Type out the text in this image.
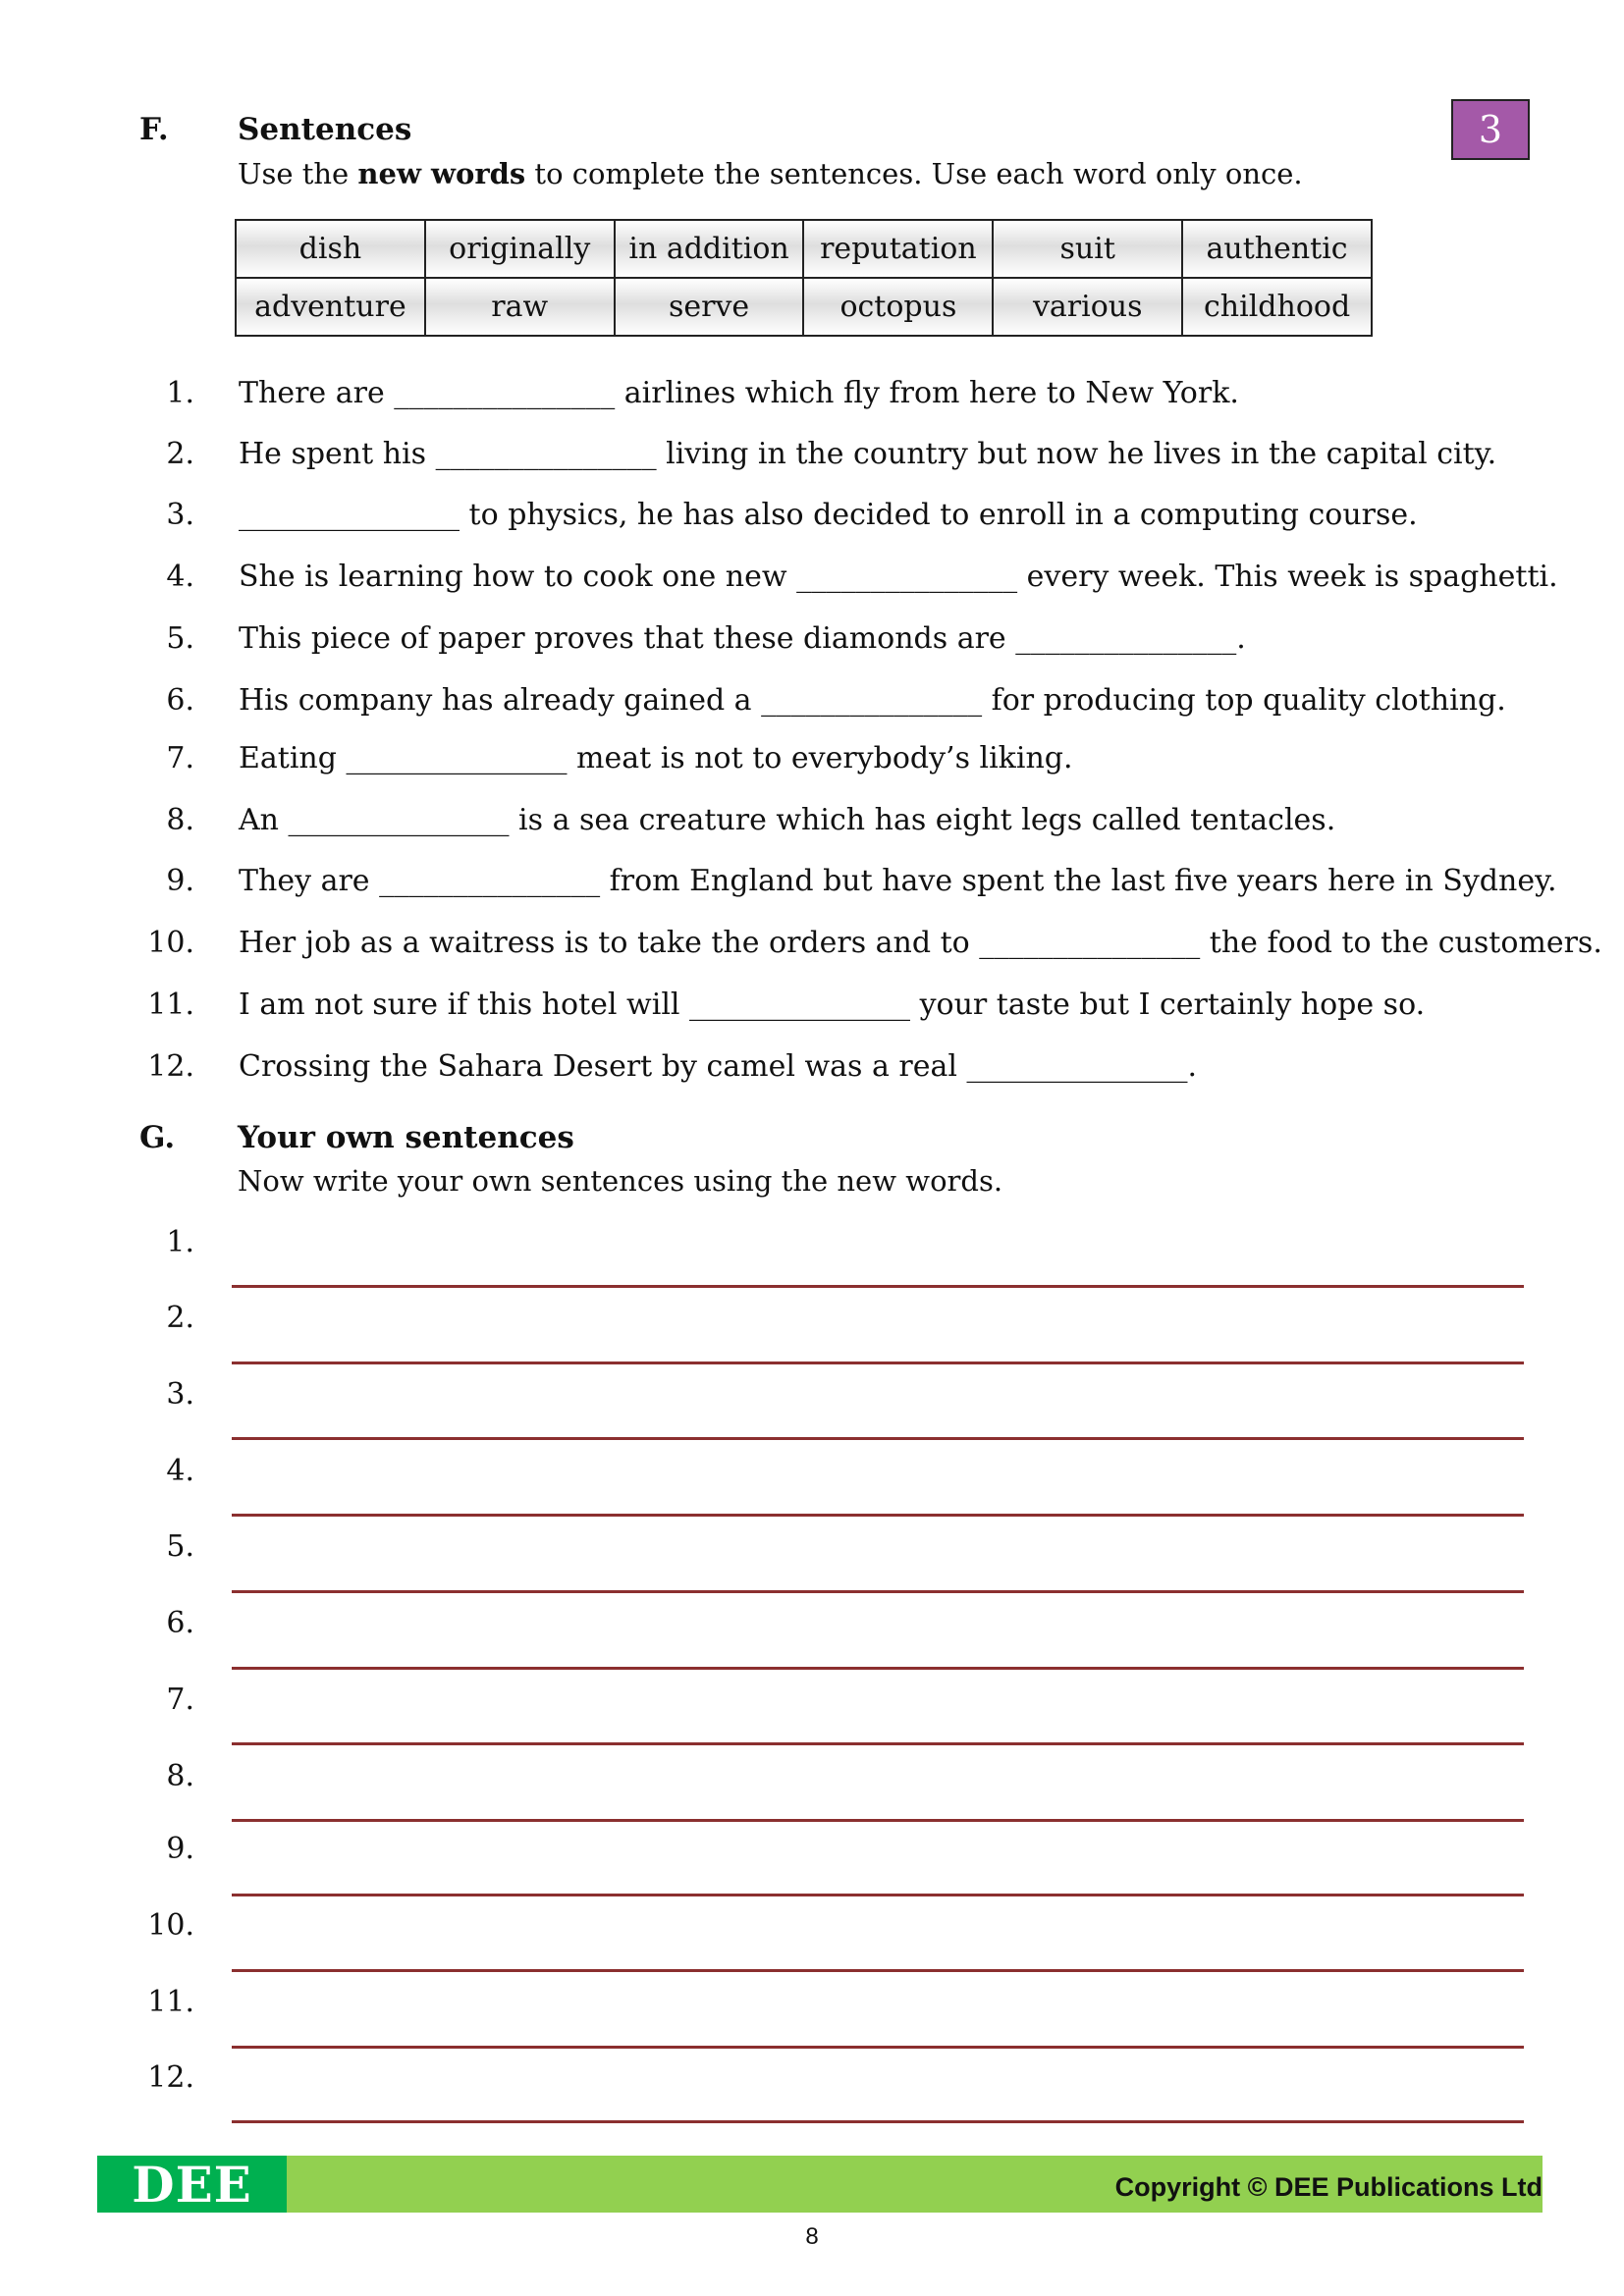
F. Sentences
Use the new words to complete the sentences. Use each word only once.
3
dish	originally	in addition	reputation	suit	authentic
adventure	raw	serve	octopus	various	childhood
1. There are _______________ airlines which fly from here to New York.
2. He spent his _______________ living in the country but now he lives in the capital city.
3. _______________ to physics, he has also decided to enroll in a computing course.
4. She is learning how to cook one new _______________ every week. This week is spaghetti.
5. This piece of paper proves that these diamonds are _______________.
6. His company has already gained a _______________ for producing top quality clothing.
7. Eating _______________ meat is not to everybody’s liking.
8. An _______________ is a sea creature which has eight legs called tentacles.
9. They are _______________ from England but have spent the last five years here in Sydney.
10. Her job as a waitress is to take the orders and to _______________ the food to the customers.
11. I am not sure if this hotel will _______________ your taste but I certainly hope so.
12. Crossing the Sahara Desert by camel was a real _______________.
G. Your own sentences
Now write your own sentences using the new words.
1.
2.
3.
4.
5.
6.
7.
8.
9.
10.
11.
12.
DEE	Copyright © DEE Publications Ltd
8
